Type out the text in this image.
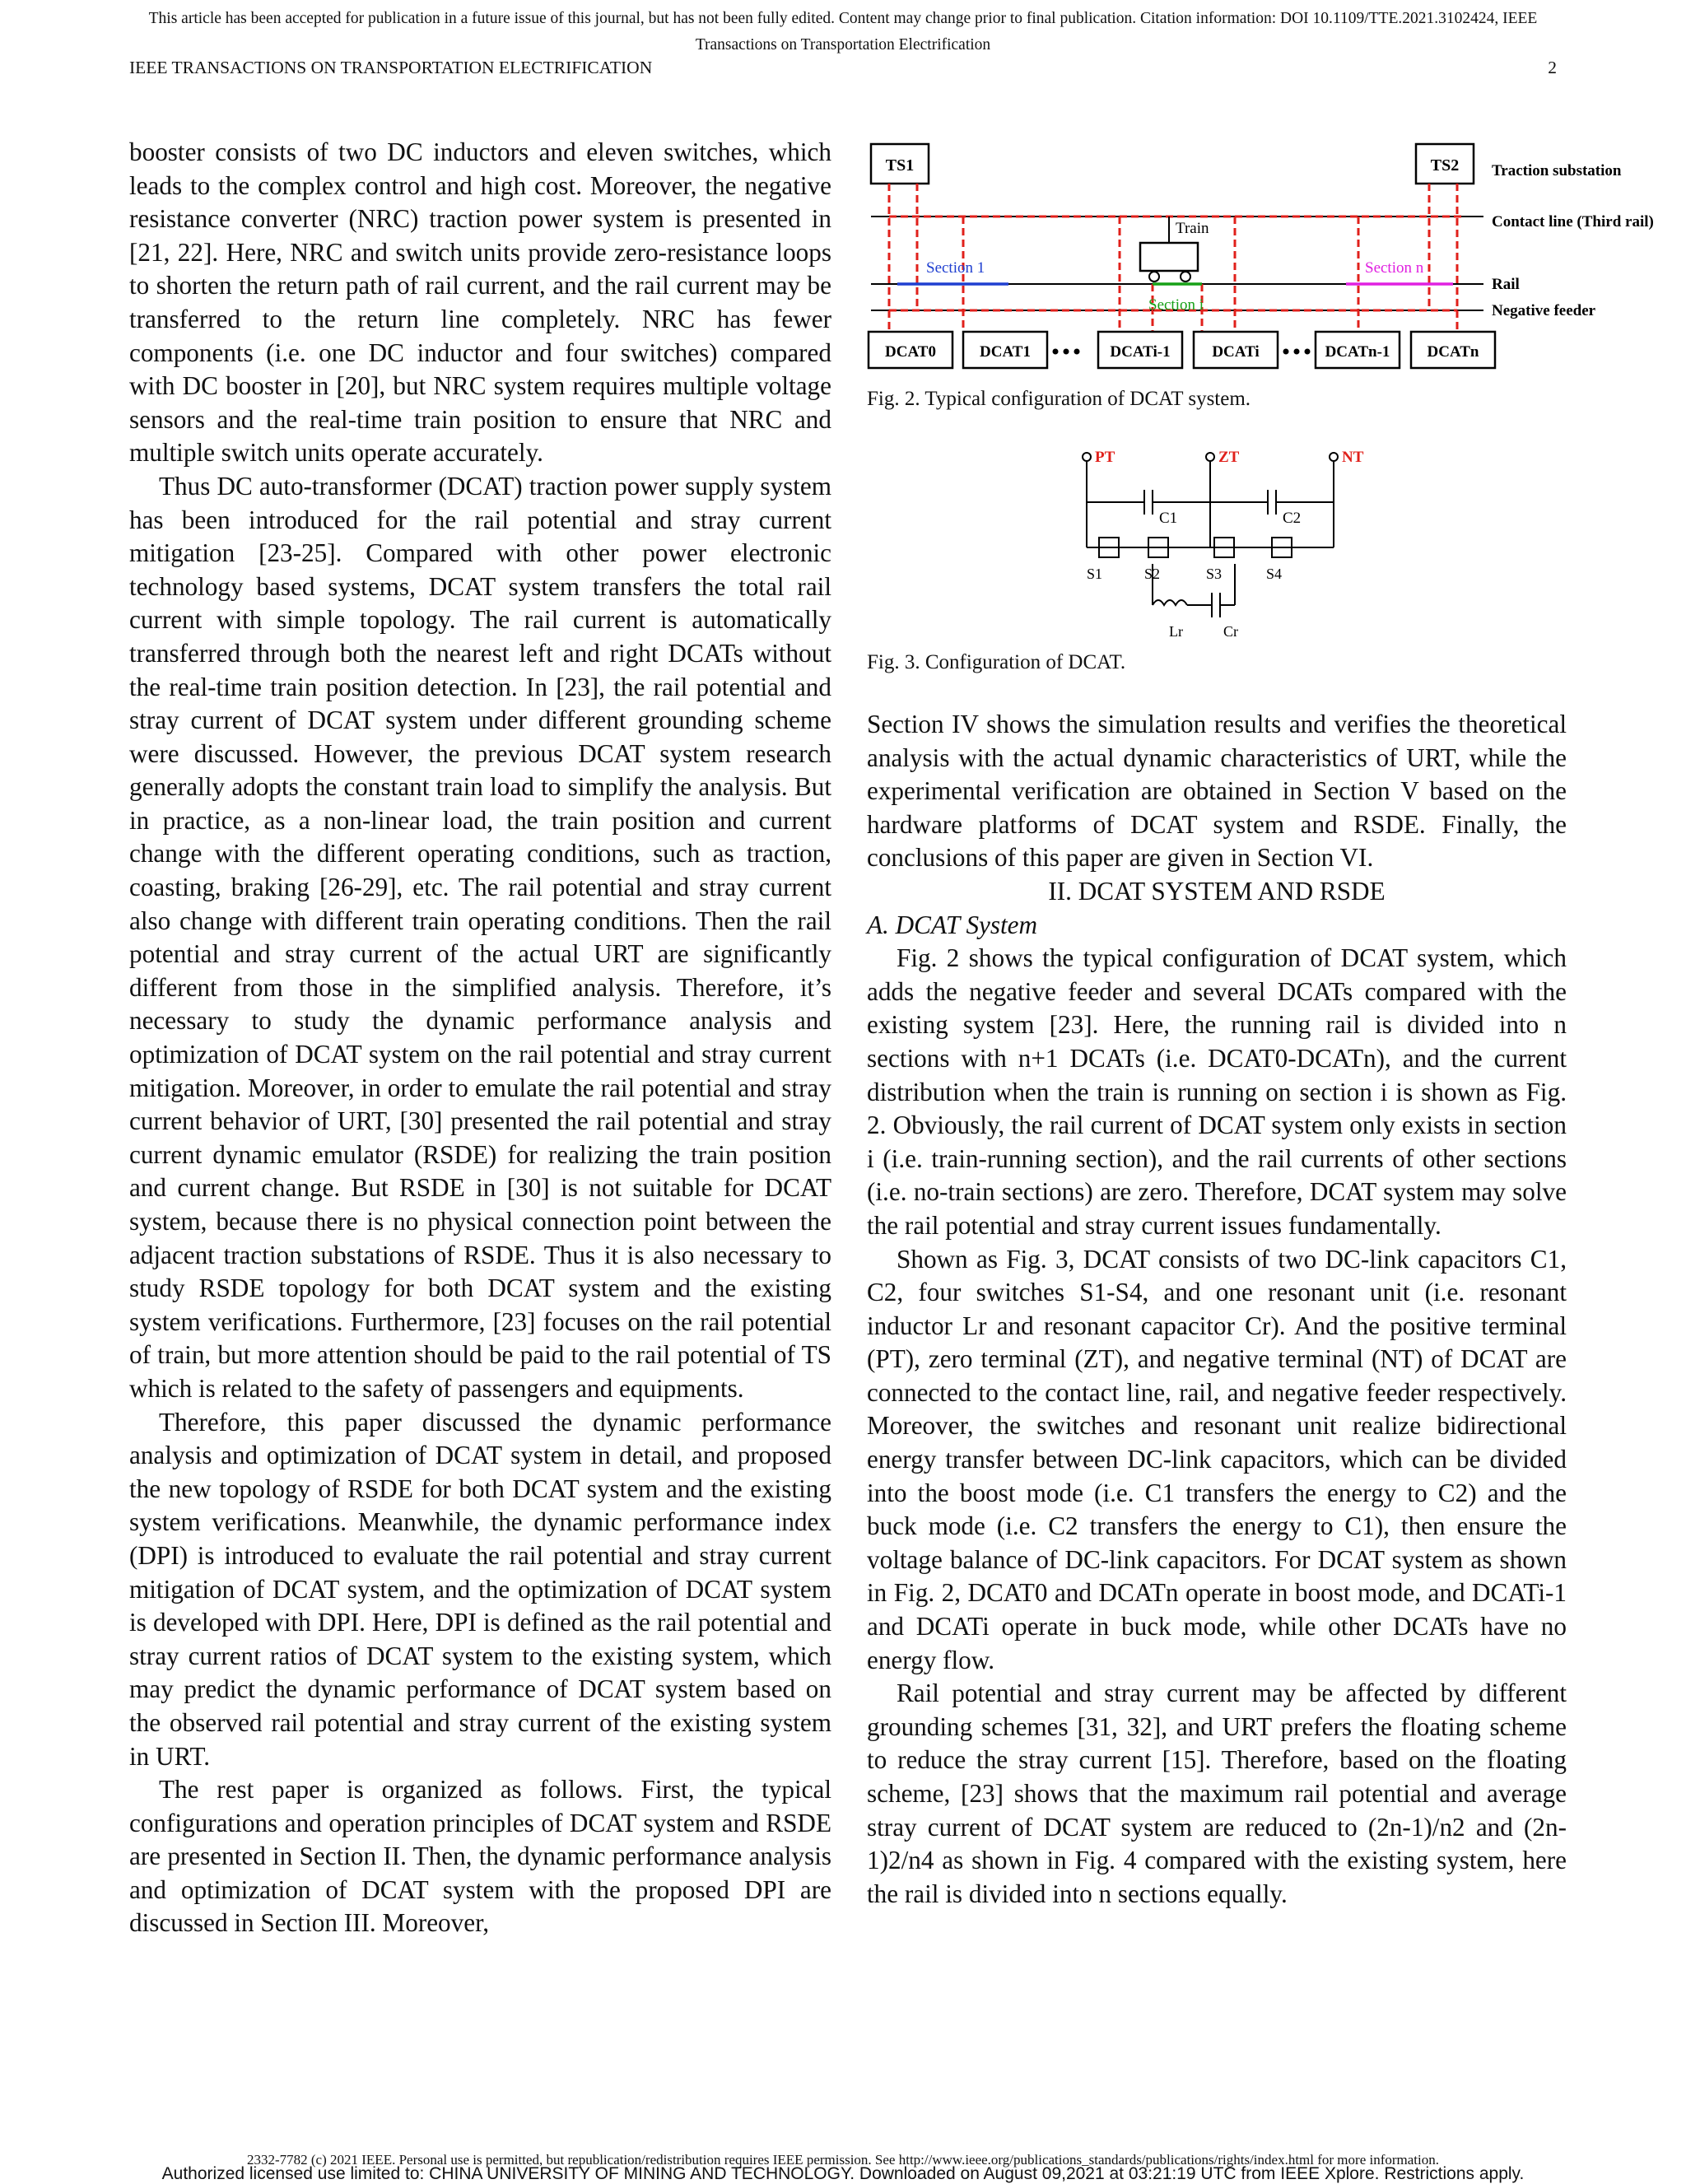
This article has been accepted for publication in a future issue of this journal, but has not been fully edited. Content may change prior to final publication. Citation information: DOI 10.1109/TTE.2021.3102424, IEEE
Transactions on Transportation Electrification
IEEE TRANSACTIONS ON TRANSPORTATION ELECTRIFICATION	2

booster consists of two DC inductors and eleven switches, which leads to the complex control and high cost. Moreover, the negative resistance converter (NRC) traction power system is presented in [21, 22]. Here, NRC and switch units provide zero-resistance loops to shorten the return path of rail current, and the rail current may be transferred to the return line completely. NRC has fewer components (i.e. one DC inductor and four switches) compared with DC booster in [20], but NRC system requires multiple voltage sensors and the real-time train position to ensure that NRC and multiple switch units operate accurately.

Thus DC auto-transformer (DCAT) traction power supply system has been introduced for the rail potential and stray current mitigation [23-25]. Compared with other power electronic technology based systems, DCAT system transfers the total rail current with simple topology. The rail current is automatically transferred through both the nearest left and right DCATs without the real-time train position detection. In [23], the rail potential and stray current of DCAT system under different grounding scheme were discussed. However, the previous DCAT system research generally adopts the constant train load to simplify the analysis. But in practice, as a non-linear load, the train position and current change with the different operating conditions, such as traction, coasting, braking [26-29], etc. The rail potential and stray current also change with different train operating conditions. Then the rail potential and stray current of the actual URT are significantly different from those in the simplified analysis. Therefore, it’s necessary to study the dynamic performance analysis and optimization of DCAT system on the rail potential and stray current mitigation. Moreover, in order to emulate the rail potential and stray current behavior of URT, [30] presented the rail potential and stray current dynamic emulator (RSDE) for realizing the train position and current change. But RSDE in [30] is not suitable for DCAT system, because there is no physical connection point between the adjacent traction substations of RSDE. Thus it is also necessary to study RSDE topology for both DCAT system and the existing system verifications. Furthermore, [23] focuses on the rail potential of train, but more attention should be paid to the rail potential of TS which is related to the safety of passengers and equipments.

Therefore, this paper discussed the dynamic performance analysis and optimization of DCAT system in detail, and proposed the new topology of RSDE for both DCAT system and the existing system verifications. Meanwhile, the dynamic performance index (DPI) is introduced to evaluate the rail potential and stray current mitigation of DCAT system, and the optimization of DCAT system is developed with DPI. Here, DPI is defined as the rail potential and stray current ratios of DCAT system to the existing system, which may predict the dynamic performance of DCAT system based on the observed rail potential and stray current of the existing system in URT.

The rest paper is organized as follows. First, the typical configurations and operation principles of DCAT system and RSDE are presented in Section II. Then, the dynamic performance analysis and optimization of DCAT system with the proposed DPI are discussed in Section III. Moreover,

TS1	TS2
Section 1
Section i
Section n
Train
Traction substation
Contact line (Third rail)
Rail
Negative feeder
DCAT0	DCAT1	DCATi-1	DCATi	DCATn-1 DCATn
Fig. 2. Typical configuration of DCAT system.
PT	ZT	NT
C1	C2
S1	S2	S3	S4
Lr	Cr
Fig. 3. Configuration of DCAT.

Section IV shows the simulation results and verifies the theoretical analysis with the actual dynamic characteristics of URT, while the experimental verification are obtained in Section V based on the hardware platforms of DCAT system and RSDE. Finally, the conclusions of this paper are given in Section VI.

II. DCAT SYSTEM AND RSDE

A. DCAT System

Fig. 2 shows the typical configuration of DCAT system, which adds the negative feeder and several DCATs compared with the existing system [23]. Here, the running rail is divided into n sections with n+1 DCATs (i.e. DCAT0-DCATn), and the current distribution when the train is running on section i is shown as Fig. 2. Obviously, the rail current of DCAT system only exists in section i (i.e. train-running section), and the rail currents of other sections (i.e. no-train sections) are zero. Therefore, DCAT system may solve the rail potential and stray current issues fundamentally.

Shown as Fig. 3, DCAT consists of two DC-link capacitors C1, C2, four switches S1-S4, and one resonant unit (i.e. resonant inductor Lr and resonant capacitor Cr). And the positive terminal (PT), zero terminal (ZT), and negative terminal (NT) of DCAT are connected to the contact line, rail, and negative feeder respectively. Moreover, the switches and resonant unit realize bidirectional energy transfer between DC-link capacitors, which can be divided into the boost mode (i.e. C1 transfers the energy to C2) and the buck mode (i.e. C2 transfers the energy to C1), then ensure the voltage balance of DC-link capacitors. For DCAT system as shown in Fig. 2, DCAT0 and DCATn operate in boost mode, and DCATi-1 and DCATi operate in buck mode, while other DCATs have no energy flow.

Rail potential and stray current may be affected by different grounding schemes [31, 32], and URT prefers the floating scheme to reduce the stray current [15]. Therefore, based on the floating scheme, [23] shows that the maximum rail potential and average stray current of DCAT system are reduced to (2n-1)/n2 and (2n-1)2/n4 as shown in Fig. 4 compared with the existing system, here the rail is divided into n sections equally.

2332-7782 (c) 2021 IEEE. Personal use is permitted, but republication/redistribution requires IEEE permission. See http://www.ieee.org/publications_standards/publications/rights/index.html for more information.
Authorized licensed use limited to: CHINA UNIVERSITY OF MINING AND TECHNOLOGY. Downloaded on August 09,2021 at 03:21:19 UTC from IEEE Xplore. Restrictions apply.
